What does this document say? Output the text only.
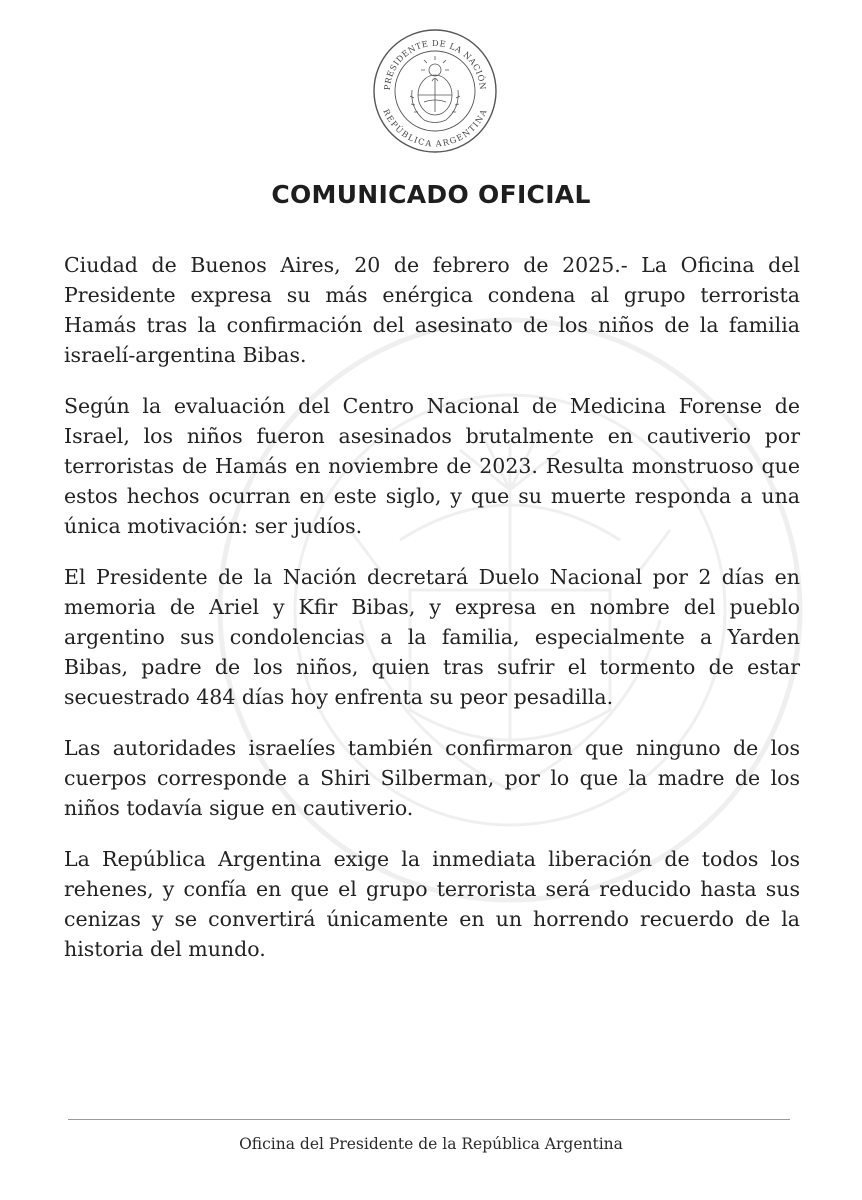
PRESIDENTE DE LA NACIÓN
REPÚBLICA ARGENTINA
COMUNICADO OFICIAL

Ciudad de Buenos Aires, 20 de febrero de 2025.- La Oficina del Presidente expresa su más enérgica condena al grupo terrorista Hamás tras la confirmación del asesinato de los niños de la familia israelí-argentina Bibas.

Según la evaluación del Centro Nacional de Medicina Forense de Israel, los niños fueron asesinados brutalmente en cautiverio por terroristas de Hamás en noviembre de 2023. Resulta monstruoso que estos hechos ocurran en este siglo, y que su muerte responda a una única motivación: ser judíos.

El Presidente de la Nación decretará Duelo Nacional por 2 días en memoria de Ariel y Kfir Bibas, y expresa en nombre del pueblo argentino sus condolencias a la familia, especialmente a Yarden Bibas, padre de los niños, quien tras sufrir el tormento de estar secuestrado 484 días hoy enfrenta su peor pesadilla.

Las autoridades israelíes también confirmaron que ninguno de los cuerpos corresponde a Shiri Silberman, por lo que la madre de los niños todavía sigue en cautiverio.

La República Argentina exige la inmediata liberación de todos los rehenes, y confía en que el grupo terrorista será reducido hasta sus cenizas y se convertirá únicamente en un horrendo recuerdo de la historia del mundo.

Oficina del Presidente de la República Argentina
